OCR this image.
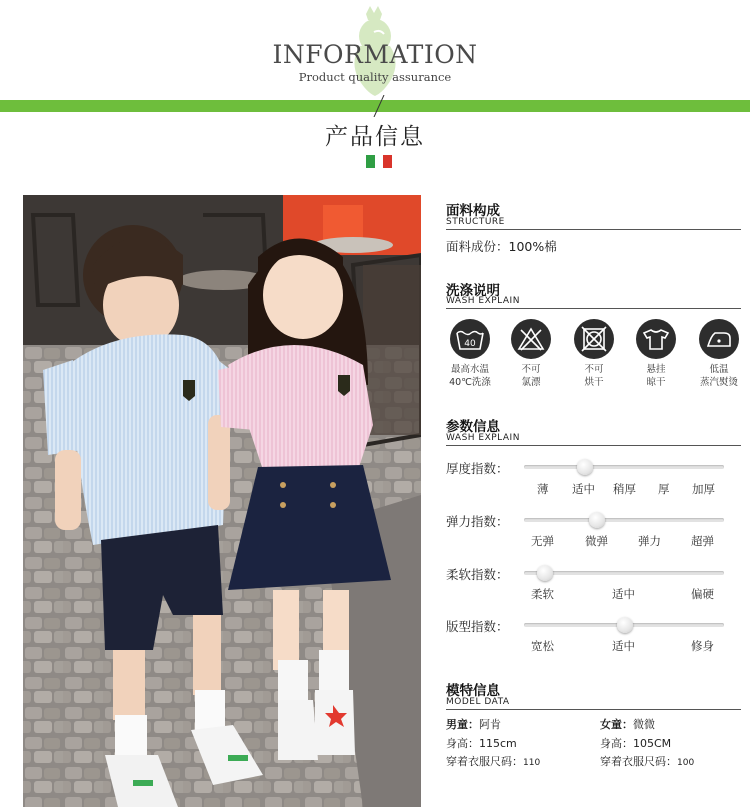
INFORMATION
Product quality assurance
产品信息
面料构成
STRUCTURE
面料成份：100%棉
洗涤说明
WASH EXPLAIN
40
最高水温
40℃洗涤
不可
氯漂
不可
烘干
悬挂
晾干
低温
蒸汽熨烫
参数信息
WASH EXPLAIN
厚度指数：
薄 适中 稍厚 厚 加厚
弹力指数：
无弹	微弹	弹力	超弹
柔软指数：
柔软	适中	偏硬
版型指数：
宽松	适中	修身
模特信息
MODEL DATA
男童：阿肯	女童：微微
身高：115cm	身高：105CM
穿着衣服尺码：110	穿着衣服尺码：100
